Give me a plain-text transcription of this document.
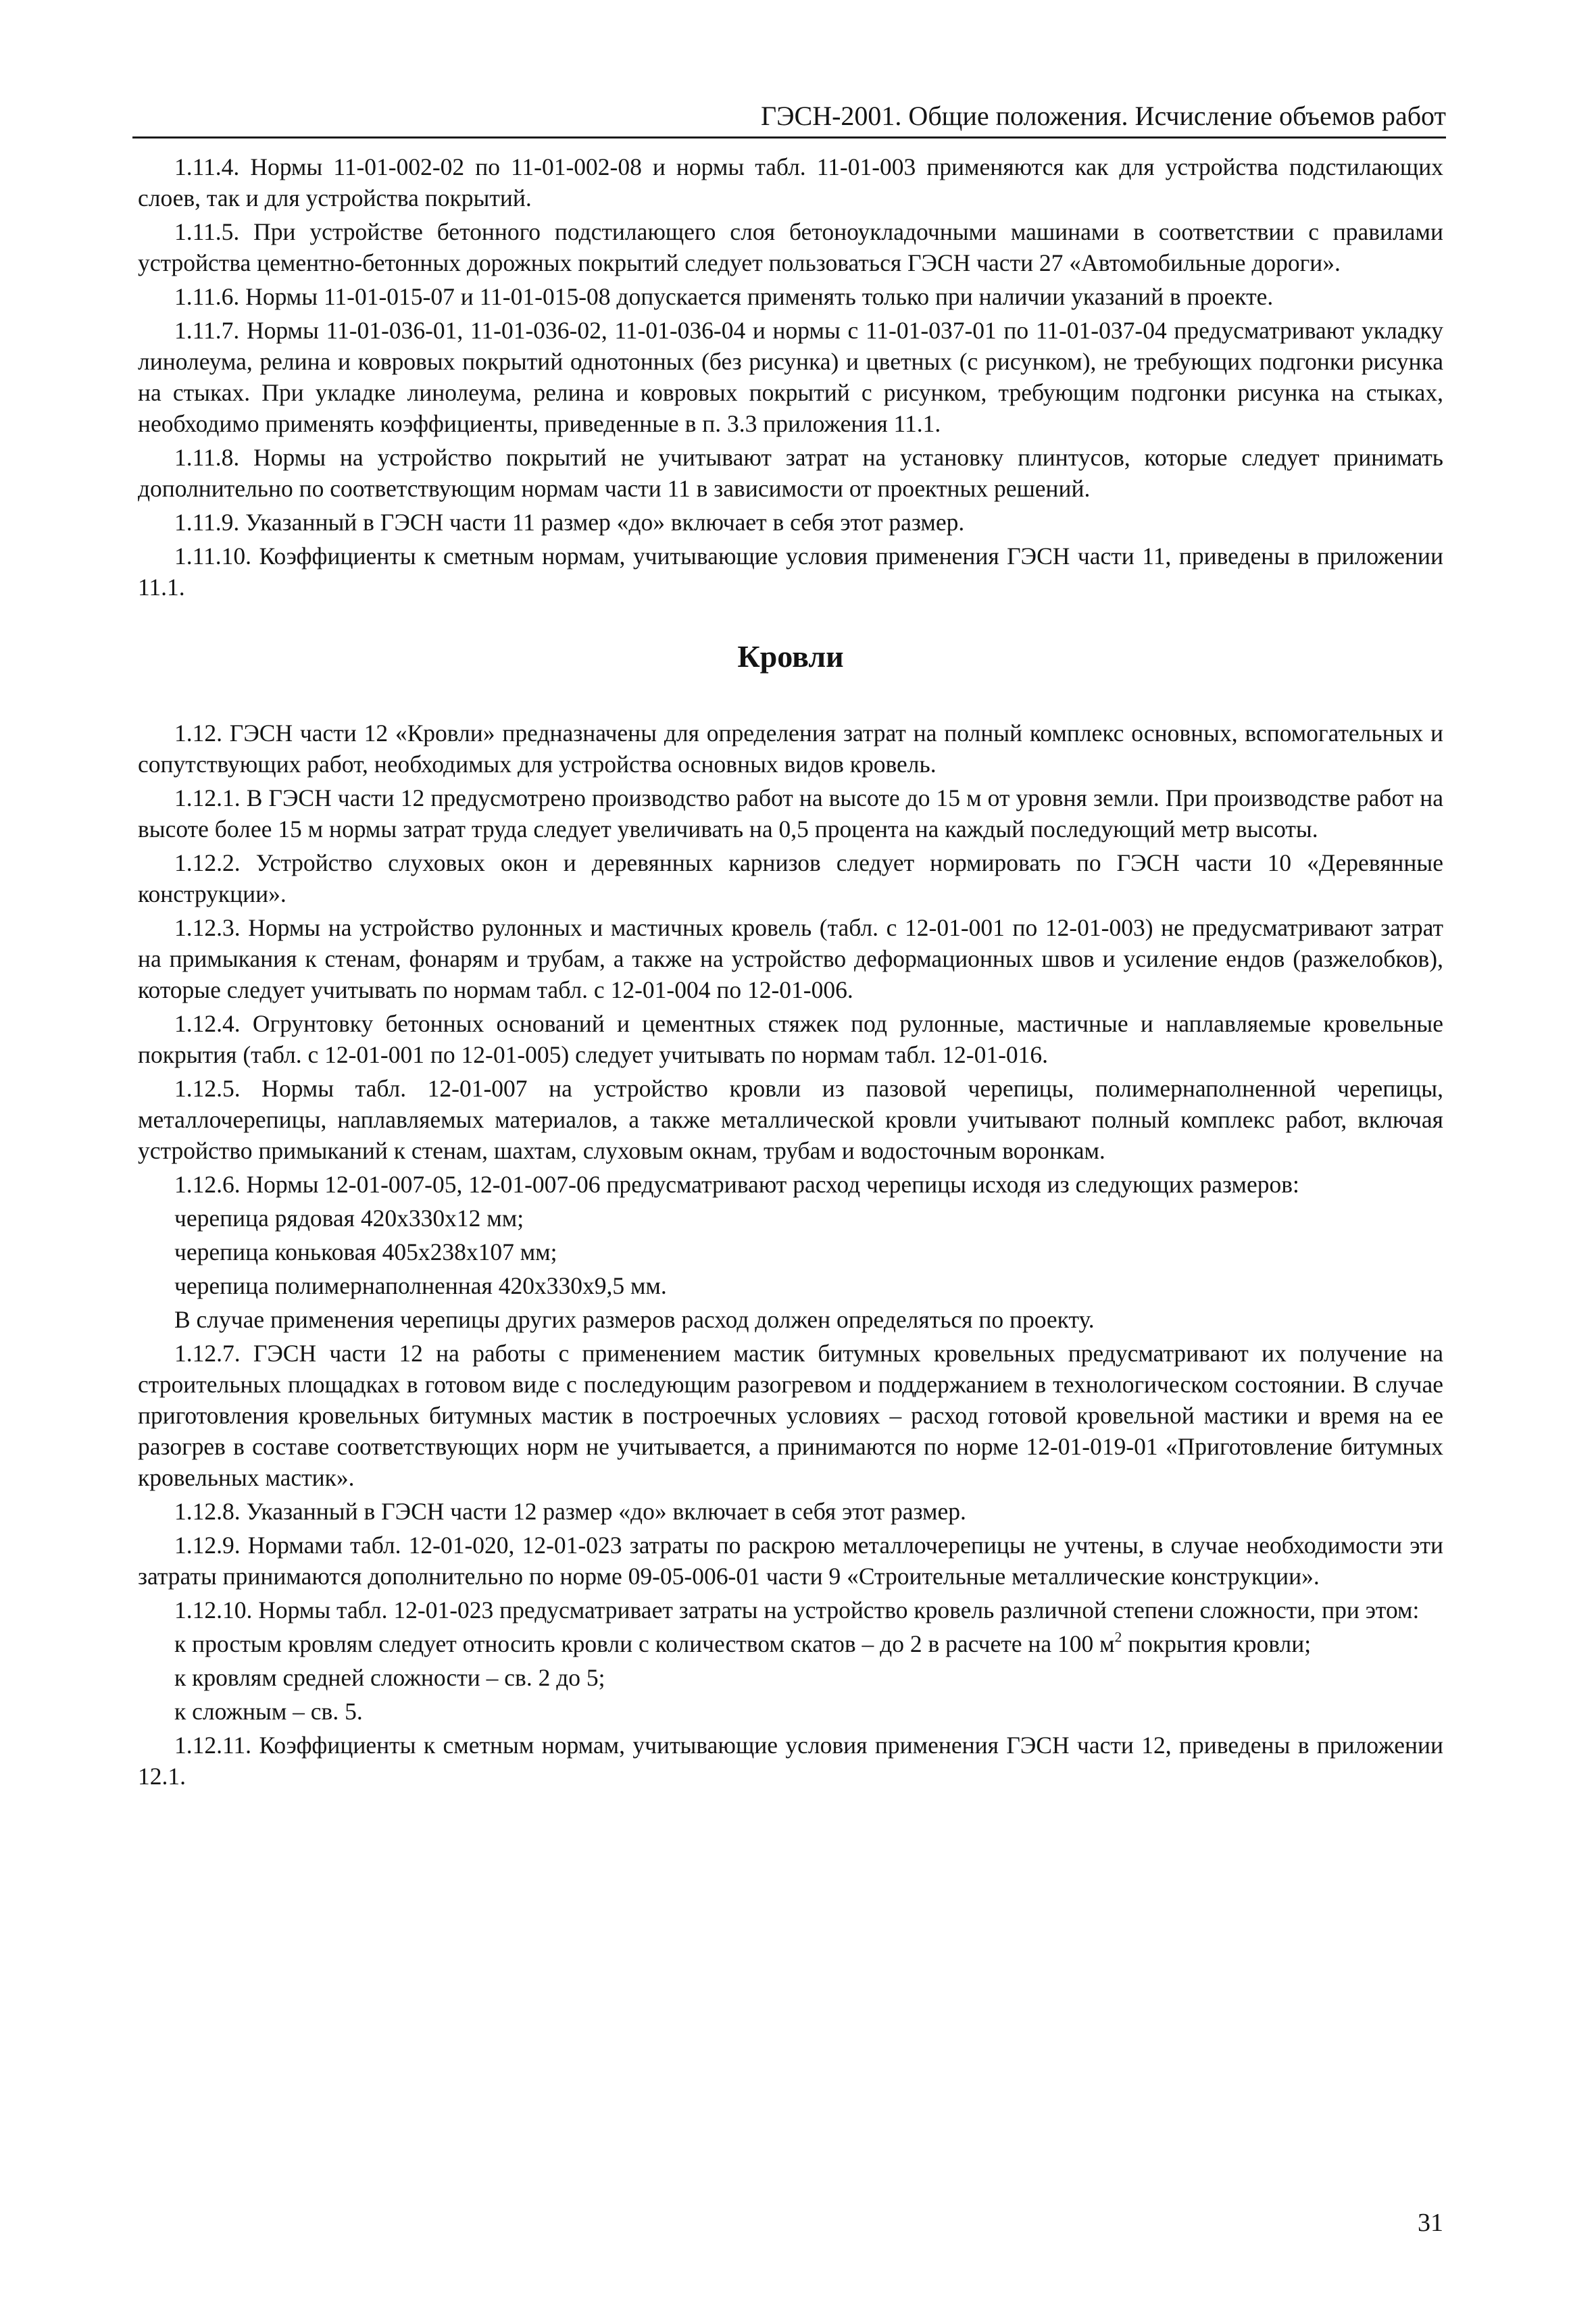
ГЭСН-2001. Общие положения. Исчисление объемов работ

1.11.4. Нормы 11-01-002-02 по 11-01-002-08 и нормы табл. 11-01-003 применяются как для устройства подстилающих слоев, так и для устройства покрытий.

1.11.5. При устройстве бетонного подстилающего слоя бетоноукладочными машинами в соответствии с правилами устройства цементно-бетонных дорожных покрытий следует пользоваться ГЭСН части 27 «Автомобильные дороги».

1.11.6. Нормы 11-01-015-07 и 11-01-015-08 допускается применять только при наличии указаний в проекте.

1.11.7. Нормы 11-01-036-01, 11-01-036-02, 11-01-036-04 и нормы с 11-01-037-01 по 11-01-037-04 предусматривают укладку линолеума, релина и ковровых покрытий однотонных (без рисунка) и цветных (с рисунком), не требующих подгонки рисунка на стыках. При укладке линолеума, релина и ковровых покрытий с рисунком, требующим подгонки рисунка на стыках, необходимо применять коэффициенты, приведенные в п. 3.3 приложения 11.1.

1.11.8. Нормы на устройство покрытий не учитывают затрат на установку плинтусов, которые следует принимать дополнительно по соответствующим нормам части 11 в зависимости от проектных решений.

1.11.9. Указанный в ГЭСН части 11 размер «до» включает в себя этот размер.

1.11.10. Коэффициенты к сметным нормам, учитывающие условия применения ГЭСН части 11, приведены в приложении 11.1.

Кровли

1.12. ГЭСН части 12 «Кровли» предназначены для определения затрат на полный комплекс основных, вспомогательных и сопутствующих работ, необходимых для устройства основных видов кровель.

1.12.1. В ГЭСН части 12 предусмотрено производство работ на высоте до 15 м от уровня земли. При производстве работ на высоте более 15 м нормы затрат труда следует увеличивать на 0,5 процента на каждый последующий метр высоты.

1.12.2. Устройство слуховых окон и деревянных карнизов следует нормировать по ГЭСН части 10 «Деревянные конструкции».

1.12.3. Нормы на устройство рулонных и мастичных кровель (табл. с 12-01-001 по 12-01-003) не предусматривают затрат на примыкания к стенам, фонарям и трубам, а также на устройство деформационных швов и усиление ендов (разжелобков), которые следует учитывать по нормам табл. с 12-01-004 по 12-01-006.

1.12.4. Огрунтовку бетонных оснований и цементных стяжек под рулонные, мастичные и наплавляемые кровельные покрытия (табл. с 12-01-001 по 12-01-005) следует учитывать по нормам табл. 12-01-016.

1.12.5. Нормы табл. 12-01-007 на устройство кровли из пазовой черепицы, полимернаполненной черепицы, металлочерепицы, наплавляемых материалов, а также металлической кровли учитывают полный комплекс работ, включая устройство примыканий к стенам, шахтам, слуховым окнам, трубам и водосточным воронкам.

1.12.6. Нормы 12-01-007-05, 12-01-007-06 предусматривают расход черепицы исходя из следующих размеров:

черепица рядовая 420х330х12 мм;

черепица коньковая 405х238х107 мм;

черепица полимернаполненная 420х330х9,5 мм.

В случае применения черепицы других размеров расход должен определяться по проекту.

1.12.7. ГЭСН части 12 на работы с применением мастик битумных кровельных предусматривают их получение на строительных площадках в готовом виде с последующим разогревом и поддержанием в технологическом состоянии. В случае приготовления кровельных битумных мастик в построечных условиях – расход готовой кровельной мастики и время на ее разогрев в составе соответствующих норм не учитывается, а принимаются по норме 12-01-019-01 «Приготовление битумных кровельных мастик».

1.12.8. Указанный в ГЭСН части 12 размер «до» включает в себя этот размер.

1.12.9. Нормами табл. 12-01-020, 12-01-023 затраты по раскрою металлочерепицы не учтены, в случае необходимости эти затраты принимаются дополнительно по норме 09-05-006-01 части 9 «Строительные металлические конструкции».

1.12.10. Нормы табл. 12-01-023 предусматривает затраты на устройство кровель различной степени сложности, при этом:

к простым кровлям следует относить кровли с количеством скатов – до 2 в расчете на 100 $м^2$ покрытия кровли;

к кровлям средней сложности – св. 2 до 5;

к сложным – св. 5.

1.12.11. Коэффициенты к сметным нормам, учитывающие условия применения ГЭСН части 12, приведены в приложении 12.1.

31
